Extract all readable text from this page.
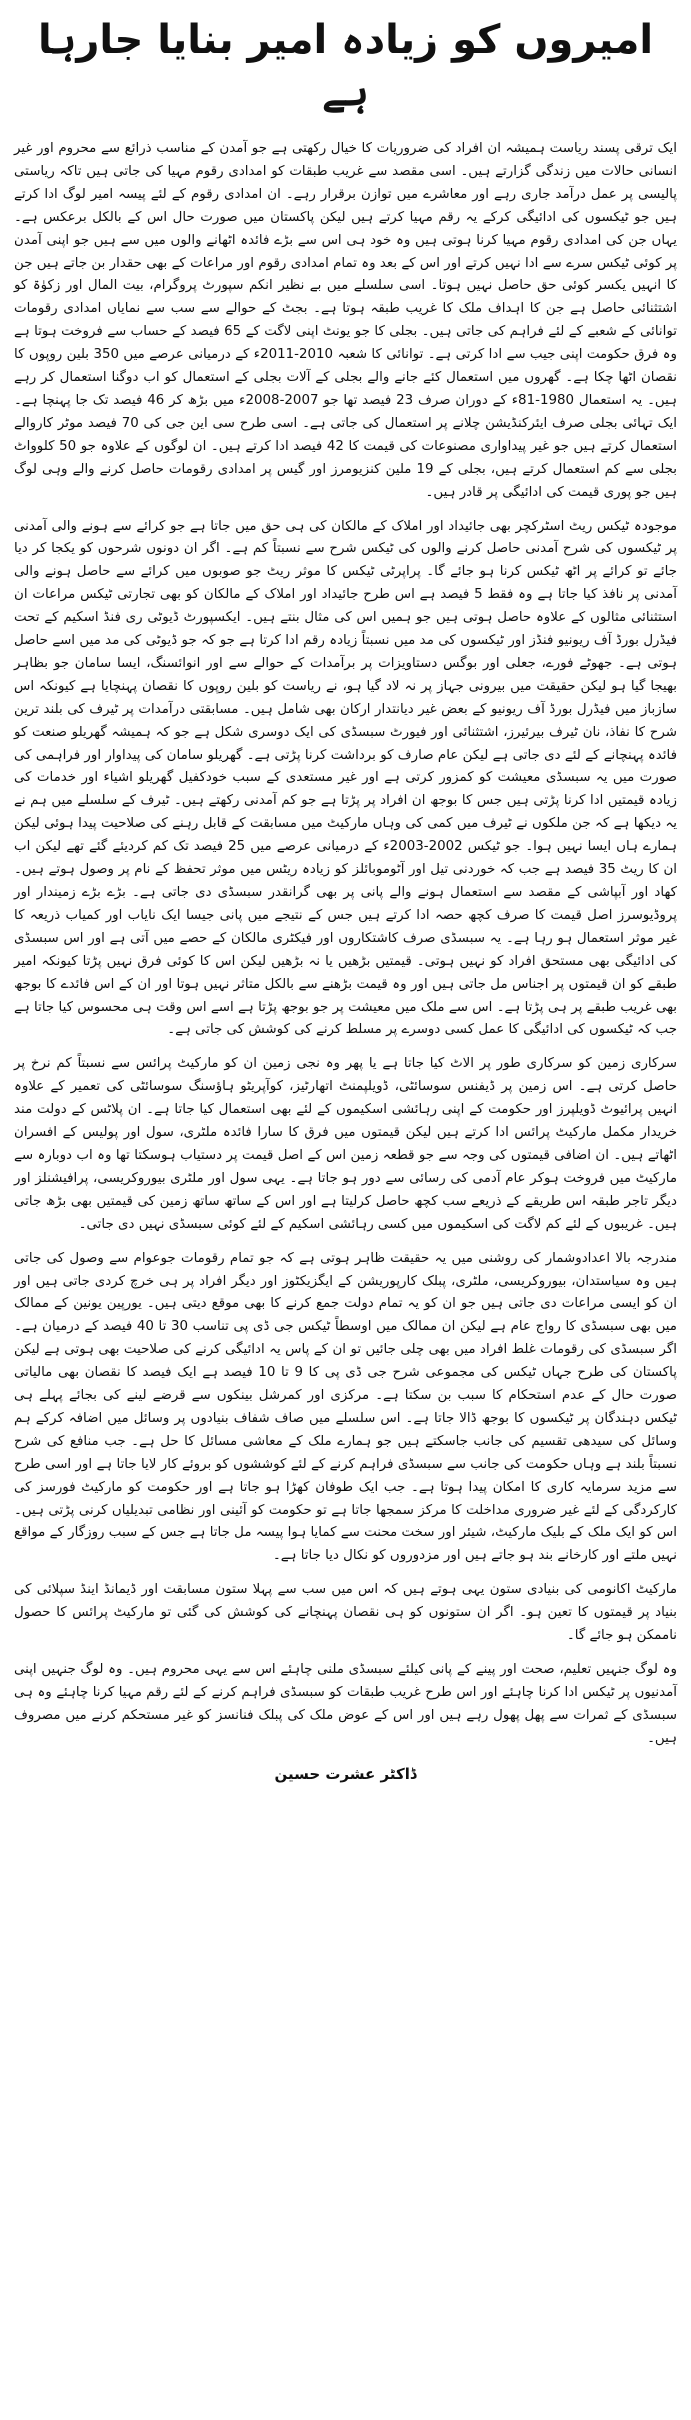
امیروں کو زیادہ امیر بنایا جارہا ہے

ایک ترقی پسند ریاست ہمیشہ ان افراد کی ضروریات کا خیال رکھتی ہے جو آمدن کے مناسب ذرائع سے محروم اور غیر انسانی حالات میں زندگی گزارتے ہیں۔ اسی مقصد سے غریب طبقات کو امدادی رقوم مہیا کی جاتی ہیں تاکہ ریاستی پالیسی پر عمل درآمد جاری رہے اور معاشرے میں توازن برقرار رہے۔ ان امدادی رقوم کے لئے پیسہ امیر لوگ ادا کرتے ہیں جو ٹیکسوں کی ادائیگی کرکے یہ رقم مہیا کرتے ہیں لیکن پاکستان میں صورت حال اس کے بالکل برعکس ہے۔ یہاں جن کی امدادی رقوم مہیا کرنا ہوتی ہیں وہ خود ہی اس سے بڑے فائدہ اٹھانے والوں میں سے ہیں جو اپنی آمدن پر کوئی ٹیکس سرے سے ادا نہیں کرتے اور اس کے بعد وہ تمام امدادی رقوم اور مراعات کے بھی حقدار بن جاتے ہیں جن کا انہیں یکسر کوئی حق حاصل نہیں ہوتا۔ اسی سلسلے میں بے نظیر انکم سپورٹ پروگرام، بیت المال اور زکوٰۃ کو اشتثنائی حاصل ہے جن کا اہداف ملک کا غریب طبقہ ہوتا ہے۔ بجٹ کے حوالے سے سب سے نمایاں امدادی رقومات توانائی کے شعبے کے لئے فراہم کی جاتی ہیں۔ بجلی کا جو یونٹ اپنی لاگت کے 65 فیصد کے حساب سے فروخت ہوتا ہے وہ فرق حکومت اپنی جیب سے ادا کرتی ہے۔ توانائی کا شعبہ 2010-2011ء کے درمیانی عرصے میں 350 بلین روپوں کا نقصان اٹھا چکا ہے۔ گھروں میں استعمال کئے جانے والے بجلی کے آلات بجلی کے استعمال کو اب دوگنا استعمال کر رہے ہیں۔ یہ استعمال 1980-81ء کے دوران صرف 23 فیصد تھا جو 2007-2008ء میں بڑھ کر 46 فیصد تک جا پہنچا ہے۔ ایک تہائی بجلی صرف ایئرکنڈیشن چلانے پر استعمال کی جاتی ہے۔ اسی طرح سی این جی کی 70 فیصد موٹر کاروالے استعمال کرتے ہیں جو غیر پیداواری مصنوعات کی قیمت کا 42 فیصد ادا کرتے ہیں۔ ان لوگوں کے علاوہ جو 50 کلوواٹ بجلی سے کم استعمال کرتے ہیں، بجلی کے 19 ملین کنزیومرز اور گیس پر امدادی رقومات حاصل کرنے والے وہی لوگ ہیں جو پوری قیمت کی ادائیگی پر قادر ہیں۔

موجودہ ٹیکس ریٹ اسٹرکچر بھی جائیداد اور املاک کے مالکان کی ہی حق میں جاتا ہے جو کرائے سے ہونے والی آمدنی پر ٹیکسوں کی شرح آمدنی حاصل کرنے والوں کی ٹیکس شرح سے نسبتاً کم ہے۔ اگر ان دونوں شرحوں کو یکجا کر دیا جائے تو کرائے پر اٹھ ٹیکس کرنا ہو جائے گا۔ پراپرٹی ٹیکس کا موثر ریٹ جو صوبوں میں کرائے سے حاصل ہونے والی آمدنی پر نافذ کیا جاتا ہے وہ فقط 5 فیصد ہے اس طرح جائیداد اور املاک کے مالکان کو بھی تجارتی ٹیکس مراعات ان استثنائی مثالوں کے علاوہ حاصل ہوتی ہیں جو ہمیں اس کی مثال بنتے ہیں۔ ایکسپورٹ ڈیوٹی ری فنڈ اسکیم کے تحت فیڈرل بورڈ آف ریونیو فنڈز اور ٹیکسوں کی مد میں نسبتاً زیادہ رقم ادا کرتا ہے جو کہ جو ڈیوٹی کی مد میں اسے حاصل ہوتی ہے۔ جھوٹے فورے، جعلی اور بوگس دستاویزات پر برآمدات کے حوالے سے اور انوائسنگ، ایسا سامان جو بظاہر بھیجا گیا ہو لیکن حقیقت میں بیرونی جہاز پر نہ لاد گیا ہو، نے ریاست کو بلین روپوں کا نقصان پہنچایا ہے کیونکہ اس سازباز میں فیڈرل بورڈ آف ریونیو کے بعض غیر دیانتدار ارکان بھی شامل ہیں۔ مسابقتی درآمدات پر ٹیرف کی بلند ترین شرح کا نفاذ، نان ٹیرف بیرئیرز، اشتثنائی اور فیورٹ سبسڈی کی ایک دوسری شکل ہے جو کہ ہمیشہ گھریلو صنعت کو فائدہ پہنچانے کے لئے دی جاتی ہے لیکن عام صارف کو برداشت کرنا پڑتی ہے۔ گھریلو سامان کی پیداوار اور فراہمی کی صورت میں یہ سبسڈی معیشت کو کمزور کرتی ہے اور غیر مستعدی کے سبب خودکفیل گھریلو اشیاء اور خدمات کی زیادہ قیمتیں ادا کرنا پڑتی ہیں جس کا بوجھ ان افراد پر پڑتا ہے جو کم آمدنی رکھتے ہیں۔ ٹیرف کے سلسلے میں ہم نے یہ دیکھا ہے کہ جن ملکوں نے ٹیرف میں کمی کی وہاں مارکیٹ میں مسابقت کے قابل رہنے کی صلاحیت پیدا ہوئی لیکن ہمارے ہاں ایسا نہیں ہوا۔ جو ٹیکس 2002-2003ء کے درمیانی عرصے میں 25 فیصد تک کم کردیئے گئے تھے لیکن اب ان کا ریٹ 35 فیصد ہے جب کہ خوردنی تیل اور آٹوموبائلز کو زیادہ ریٹس میں موثر تحفظ کے نام پر وصول ہوتے ہیں۔ کھاد اور آبپاشی کے مقصد سے استعمال ہونے والے پانی پر بھی گرانقدر سبسڈی دی جاتی ہے۔ بڑے بڑے زمیندار اور پروڈیوسرز اصل قیمت کا صرف کچھ حصہ ادا کرتے ہیں جس کے نتیجے میں پانی جیسا ایک نایاب اور کمیاب ذریعہ کا غیر موثر استعمال ہو رہا ہے۔ یہ سبسڈی صرف کاشتکاروں اور فیکٹری مالکان کے حصے میں آتی ہے اور اس سبسڈی کی ادائیگی بھی مستحق افراد کو نہیں ہوتی۔ قیمتیں بڑھیں یا نہ بڑھیں لیکن اس کا کوئی فرق نہیں پڑتا کیونکہ امیر طبقے کو ان قیمتوں پر اجناس مل جاتی ہیں اور وہ قیمت بڑھنے سے بالکل متاثر نہیں ہوتا اور ان کے اس فائدے کا بوجھ بھی غریب طبقے پر ہی پڑتا ہے۔ اس سے ملک میں معیشت پر جو بوجھ پڑتا ہے اسے اس وقت ہی محسوس کیا جاتا ہے جب کہ ٹیکسوں کی ادائیگی کا عمل کسی دوسرے پر مسلط کرنے کی کوشش کی جاتی ہے۔

سرکاری زمین کو سرکاری طور پر الاٹ کیا جاتا ہے یا پھر وہ نجی زمین ان کو مارکیٹ پرائس سے نسبتاً کم نرخ پر حاصل کرتی ہے۔ اس زمین پر ڈیفنس سوسائٹی، ڈویلپمنٹ اتھارٹیز، کوآپریٹو ہاؤسنگ سوسائٹی کی تعمیر کے علاوہ انہیں پرائیوٹ ڈویلپرز اور حکومت کے اپنی رہائشی اسکیموں کے لئے بھی استعمال کیا جاتا ہے۔ ان پلاٹس کے دولت مند خریدار مکمل مارکیٹ پرائس ادا کرتے ہیں لیکن قیمتوں میں فرق کا سارا فائدہ ملٹری، سول اور پولیس کے افسران اٹھاتے ہیں۔ ان اضافی قیمتوں کی وجہ سے جو قطعہ زمین اس کے اصل قیمت پر دستیاب ہوسکتا تھا وہ اب دوبارہ سے مارکیٹ میں فروخت ہوکر عام آدمی کی رسائی سے دور ہو جاتا ہے۔ یہی سول اور ملٹری بیوروکریسی، پرافیشنلز اور دیگر تاجر طبقہ اس طریقے کے ذریعے سب کچھ حاصل کرلیتا ہے اور اس کے ساتھ ساتھ زمین کی قیمتیں بھی بڑھ جاتی ہیں۔ غریبوں کے لئے کم لاگت کی اسکیموں میں کسی رہائشی اسکیم کے لئے کوئی سبسڈی نہیں دی جاتی۔

مندرجہ بالا اعدادوشمار کی روشنی میں یہ حقیقت ظاہر ہوتی ہے کہ جو تمام رقومات جوعوام سے وصول کی جاتی ہیں وہ سیاستدان، بیوروکریسی، ملٹری، پبلک کارپوریشن کے ایگزیکٹوز اور دیگر افراد پر ہی خرچ کردی جاتی ہیں اور ان کو ایسی مراعات دی جاتی ہیں جو ان کو یہ تمام دولت جمع کرنے کا بھی موقع دیتی ہیں۔ یورپین یونین کے ممالک میں بھی سبسڈی کا رواج عام ہے لیکن ان ممالک میں اوسطاً ٹیکس جی ڈی پی تناسب 30 تا 40 فیصد کے درمیان ہے۔ اگر سبسڈی کی رقومات غلط افراد میں بھی چلی جائیں تو ان کے پاس یہ ادائیگی کرنے کی صلاحیت بھی ہوتی ہے لیکن پاکستان کی طرح جہاں ٹیکس کی مجموعی شرح جی ڈی پی کا 9 تا 10 فیصد ہے ایک فیصد کا نقصان بھی مالیاتی صورت حال کے عدم استحکام کا سبب بن سکتا ہے۔ مرکزی اور کمرشل بینکوں سے قرضے لینے کی بجائے پہلے ہی ٹیکس دہندگان پر ٹیکسوں کا بوجھ ڈالا جاتا ہے۔ اس سلسلے میں صاف شفاف بنیادوں پر وسائل میں اضافہ کرکے ہم وسائل کی سیدھی تقسیم کی جانب جاسکتے ہیں جو ہمارے ملک کے معاشی مسائل کا حل ہے۔ جب منافع کی شرح نسبتاً بلند ہے وہاں حکومت کی جانب سے سبسڈی فراہم کرنے کے لئے کوششوں کو بروئے کار لایا جاتا ہے اور اسی طرح سے مزید سرمایہ کاری کا امکان پیدا ہوتا ہے۔ جب ایک طوفان کھڑا ہو جاتا ہے اور حکومت کو مارکیٹ فورسز کی کارکردگی کے لئے غیر ضروری مداخلت کا مرکز سمجھا جاتا ہے تو حکومت کو آئینی اور نظامی تبدیلیاں کرنی پڑتی ہیں۔ اس کو ایک ملک کے بلیک مارکیٹ، شیئر اور سخت محنت سے کمایا ہوا پیسہ مل جاتا ہے جس کے سبب روزگار کے مواقع نہیں ملتے اور کارخانے بند ہو جاتے ہیں اور مزدوروں کو نکال دیا جاتا ہے۔

مارکیٹ اکانومی کی بنیادی ستون یہی ہوتے ہیں کہ اس میں سب سے پہلا ستون مسابقت اور ڈیمانڈ اینڈ سپلائی کی بنیاد پر قیمتوں کا تعین ہو۔ اگر ان ستونوں کو ہی نقصان پہنچانے کی کوشش کی گئی تو مارکیٹ پرائس کا حصول ناممکن ہو جائے گا۔

وہ لوگ جنہیں تعلیم، صحت اور پینے کے پانی کیلئے سبسڈی ملنی چاہئے اس سے یہی محروم ہیں۔ وہ لوگ جنہیں اپنی آمدنیوں پر ٹیکس ادا کرنا چاہئے اور اس طرح غریب طبقات کو سبسڈی فراہم کرنے کے لئے رقم مہیا کرنا چاہئے وہ ہی سبسڈی کے ثمرات سے پھل پھول رہے ہیں اور اس کے عوض ملک کی پبلک فنانسز کو غیر مستحکم کرنے میں مصروف ہیں۔

ڈاکٹر عشرت حسین
